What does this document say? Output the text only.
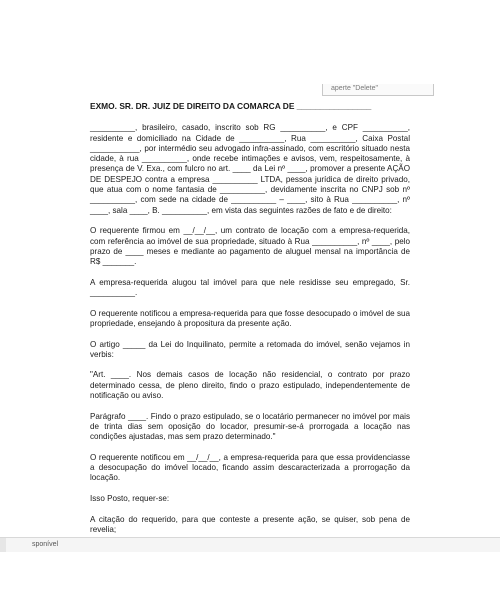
aperte "Delete"
EXMO. SR. DR. JUIZ DE DIREITO DA COMARCA DE ________________

__________, brasileiro, casado, inscrito sob RG __________, e CPF __________, residente e domiciliado na Cidade de __________, Rua __________, Caixa Postal ___________, por intermédio seu advogado infra-assinado, com escritório situado nesta cidade, à rua __________, onde recebe intimações e avisos, vem, respeitosamente, à presença de V. Exa., com fulcro no art. ____ da Lei nº ____, promover a presente AÇÃO DE DESPEJO contra a empresa __________ LTDA, pessoa jurídica de direito privado, que atua com o nome fantasia de __________, devidamente inscrita no CNPJ sob nº __________, com sede na cidade de __________ – ____, sito à Rua __________, nº ____, sala ____, B. __________, em vista das seguintes razões de fato e de direito:

O requerente firmou em __/__/__, um contrato de locação com a empresa-requerida, com referência ao imóvel de sua propriedade, situado à Rua __________, nº ____, pelo prazo de ____ meses e mediante ao pagamento de aluguel mensal na importância de R$ _______.

A empresa-requerida alugou tal imóvel para que nele residisse seu empregado, Sr. __________.

O requerente notificou a empresa-requerida para que fosse desocupado o imóvel de sua propriedade, ensejando à propositura da presente ação.

O artigo _____ da Lei do Inquilinato, permite a retomada do imóvel, senão vejamos in verbis:

"Art. ____. Nos demais casos de locação não residencial, o contrato por prazo determinado cessa, de pleno direito, findo o prazo estipulado, independentemente de notificação ou aviso.

Parágrafo ____. Findo o prazo estipulado, se o locatário permanecer no imóvel por mais de trinta dias sem oposição do locador, presumir-se-á prorrogada a locação nas condições ajustadas, mas sem prazo determinado."

O requerente notificou em __/__/__, a empresa-requerida para que essa providenciasse a desocupação do imóvel locado, ficando assim descaracterizada a prorrogação da locação.

Isso Posto, requer-se:

A citação do requerido, para que conteste a presente ação, se quiser, sob pena de revelia;

sponível
